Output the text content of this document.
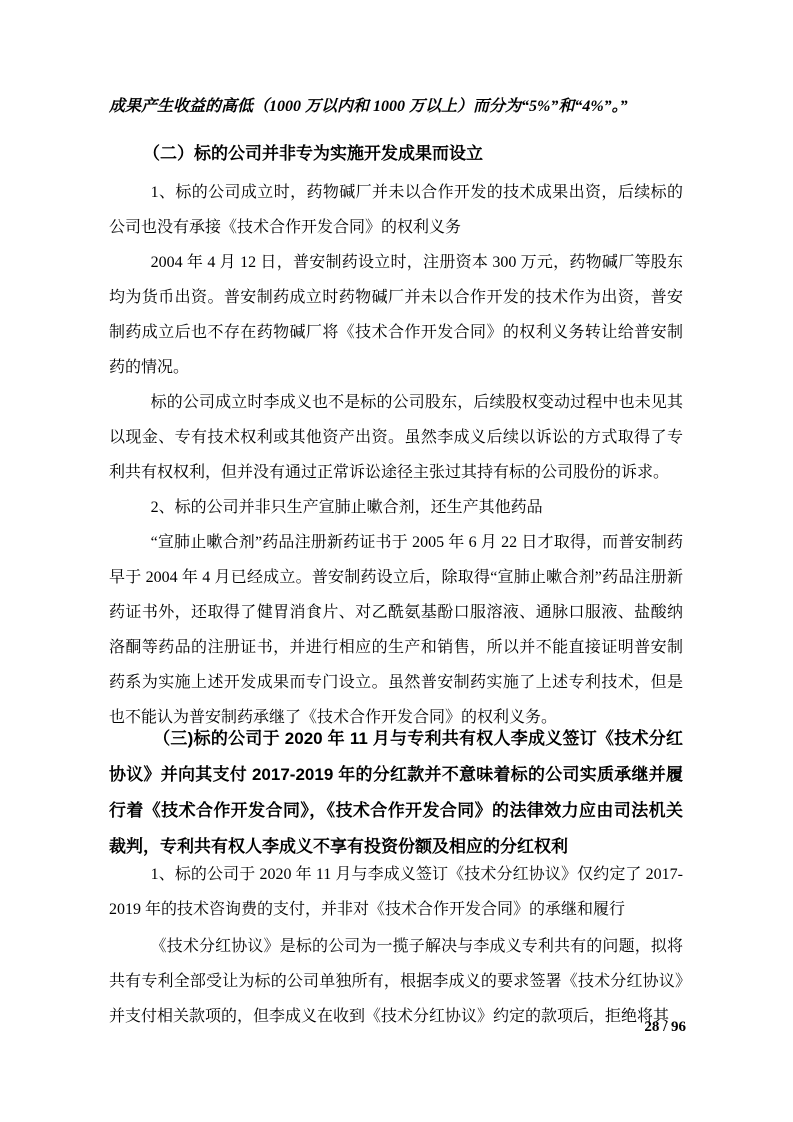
成果产生收益的高低（1000 万以内和 1000 万以上）而分为“5%”和“4%”。”

（二）标的公司并非专为实施开发成果而设立

1、标的公司成立时，药物碱厂并未以合作开发的技术成果出资，后续标的公司也没有承接《技术合作开发合同》的权利义务

2004 年 4 月 12 日，普安制药设立时，注册资本 300 万元，药物碱厂等股东均为货币出资。普安制药成立时药物碱厂并未以合作开发的技术作为出资，普安制药成立后也不存在药物碱厂将《技术合作开发合同》的权利义务转让给普安制药的情况。

标的公司成立时李成义也不是标的公司股东，后续股权变动过程中也未见其以现金、专有技术权利或其他资产出资。虽然李成义后续以诉讼的方式取得了专利共有权权利，但并没有通过正常诉讼途径主张过其持有标的公司股份的诉求。

2、标的公司并非只生产宣肺止嗽合剂，还生产其他药品

“宣肺止嗽合剂”药品注册新药证书于 2005 年 6 月 22 日才取得，而普安制药早于 2004 年 4 月已经成立。普安制药设立后，除取得“宣肺止嗽合剂”药品注册新药证书外，还取得了健胃消食片、对乙酰氨基酚口服溶液、通脉口服液、盐酸纳洛酮等药品的注册证书，并进行相应的生产和销售，所以并不能直接证明普安制药系为实施上述开发成果而专门设立。虽然普安制药实施了上述专利技术，但是也不能认为普安制药承继了《技术合作开发合同》的权利义务。

（三)标的公司于 2020 年 11 月与专利共有权人李成义签订《技术分红协议》并向其支付 2017-2019 年的分红款并不意味着标的公司实质承继并履行着《技术合作开发合同》，《技术合作开发合同》的法律效力应由司法机关裁判，专利共有权人李成义不享有投资份额及相应的分红权利

1、标的公司于 2020 年 11 月与李成义签订《技术分红协议》仅约定了 2017-2019 年的技术咨询费的支付，并非对《技术合作开发合同》的承继和履行

《技术分红协议》是标的公司为一揽子解决与李成义专利共有的问题，拟将共有专利全部受让为标的公司单独所有，根据李成义的要求签署《技术分红协议》并支付相关款项的，但李成义在收到《技术分红协议》约定的款项后，拒绝将其

28 / 96
